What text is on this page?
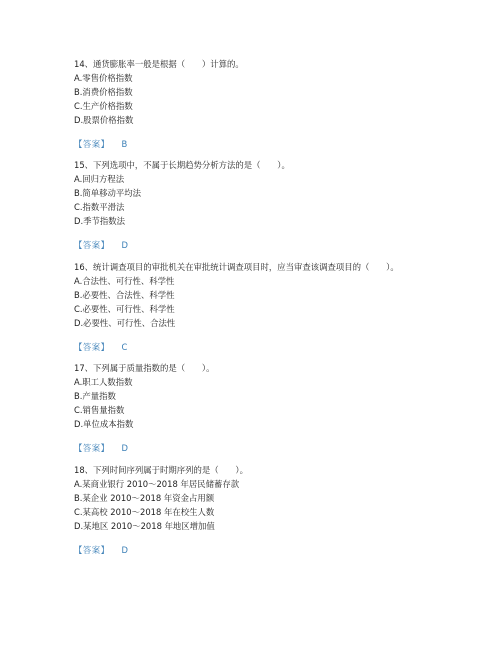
14、通货膨胀率一般是根据（　　）计算的。
A.零售价格指数
B.消费价格指数
C.生产价格指数
D.股票价格指数
【答案】 B
15、下列选项中，不属于长期趋势分析方法的是（　　）。
A.回归方程法
B.简单移动平均法
C.指数平滑法
D.季节指数法
【答案】 D
16、统计调查项目的审批机关在审批统计调查项目时，应当审查该调查项目的（　　）。
A.合法性、可行性、科学性
B.必要性、合法性、科学性
C.必要性、可行性、科学性
D.必要性、可行性、合法性
【答案】 C
17、下列属于质量指数的是（　　）。
A.职工人数指数
B.产量指数
C.销售量指数
D.单位成本指数
【答案】 D
18、下列时间序列属于时期序列的是（　　）。
A.某商业银行 2010～2018 年居民储蓄存款
B.某企业 2010～2018 年资金占用额
C.某高校 2010～2018 年在校生人数
D.某地区 2010～2018 年地区增加值
【答案】 D
